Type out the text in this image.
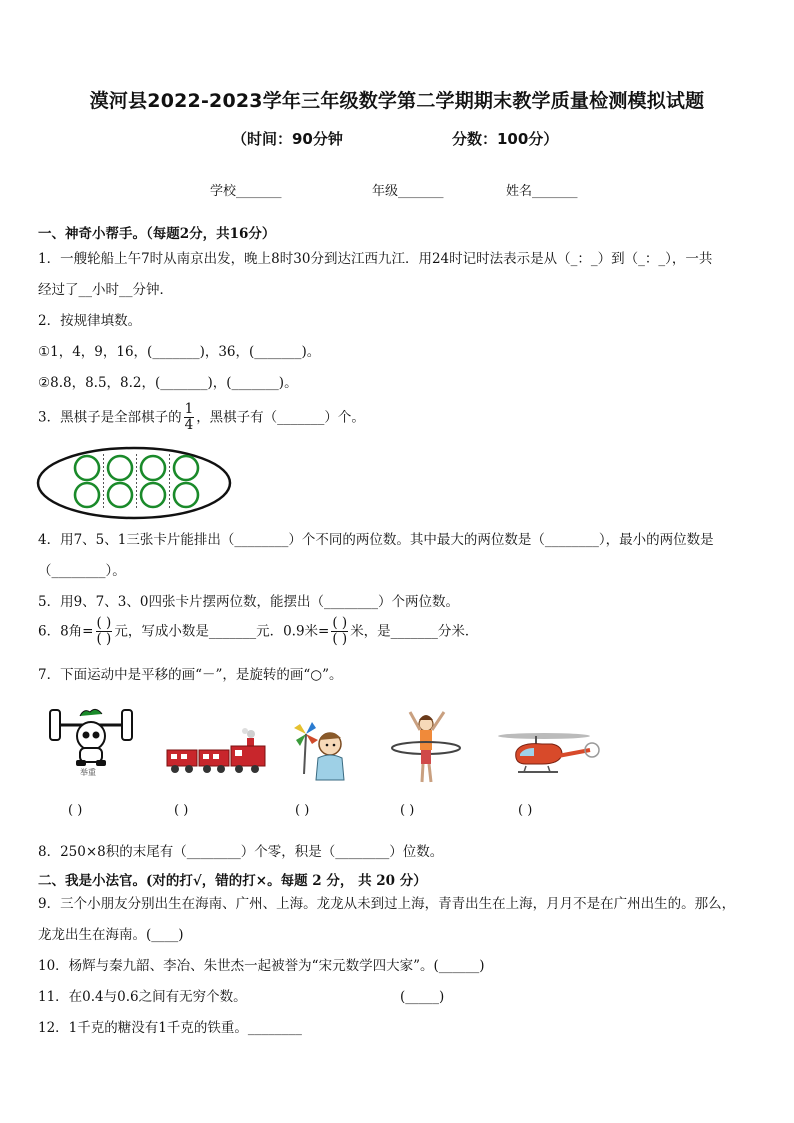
漠河县2022-2023学年三年级数学第二学期期末教学质量检测模拟试题
（时间：90分钟	分数：100分）
学校_______	年级_______	姓名_______
一、神奇小帮手。（每题2分，共16分）
1．一艘轮船上午7时从南京出发，晚上8时30分到达江西九江．用24时记时法表示是从（_：_）到（_：_），一共
经过了__小时__分钟．
2．按规律填数。
①1，4，9，16，(_______)，36，(_______)。
②8.8，8.5，8.2，(_______)，(_______)。
3．黑棋子是全部棋子的 $\frac{1}{4}$ ，黑棋子有（_______）个。
4．用7、5、1三张卡片能排出（________）个不同的两位数。其中最大的两位数是（________），最小的两位数是
（________）。
5．用9、7、3、0四张卡片摆两位数，能摆出（________）个两位数。
6．8角= $\frac{( )}{( )}$ 元，写成小数是_______元．0.9米= $\frac{( )}{( )}$ 米，是_______分米．
7．下面运动中是平移的画“－”，是旋转的画“○”。
举重
( )	( )	( )	( )	( )
8．250×8积的末尾有（________）个零，积是（________）位数。
二、我是小法官。(对的打√，错的打×。每题 2 分， 共 20 分）
9．三个小朋友分别出生在海南、广州、上海。龙龙从未到过上海，青青出生在上海，月月不是在广州出生的。那么，
龙龙出生在海南。(____)
10．杨辉与秦九韶、李冶、朱世杰一起被誉为“宋元数学四大家”。(______)
11．在0.4与0.6之间有无穷个数。	(_____)
12．1千克的糖没有1千克的铁重。________
